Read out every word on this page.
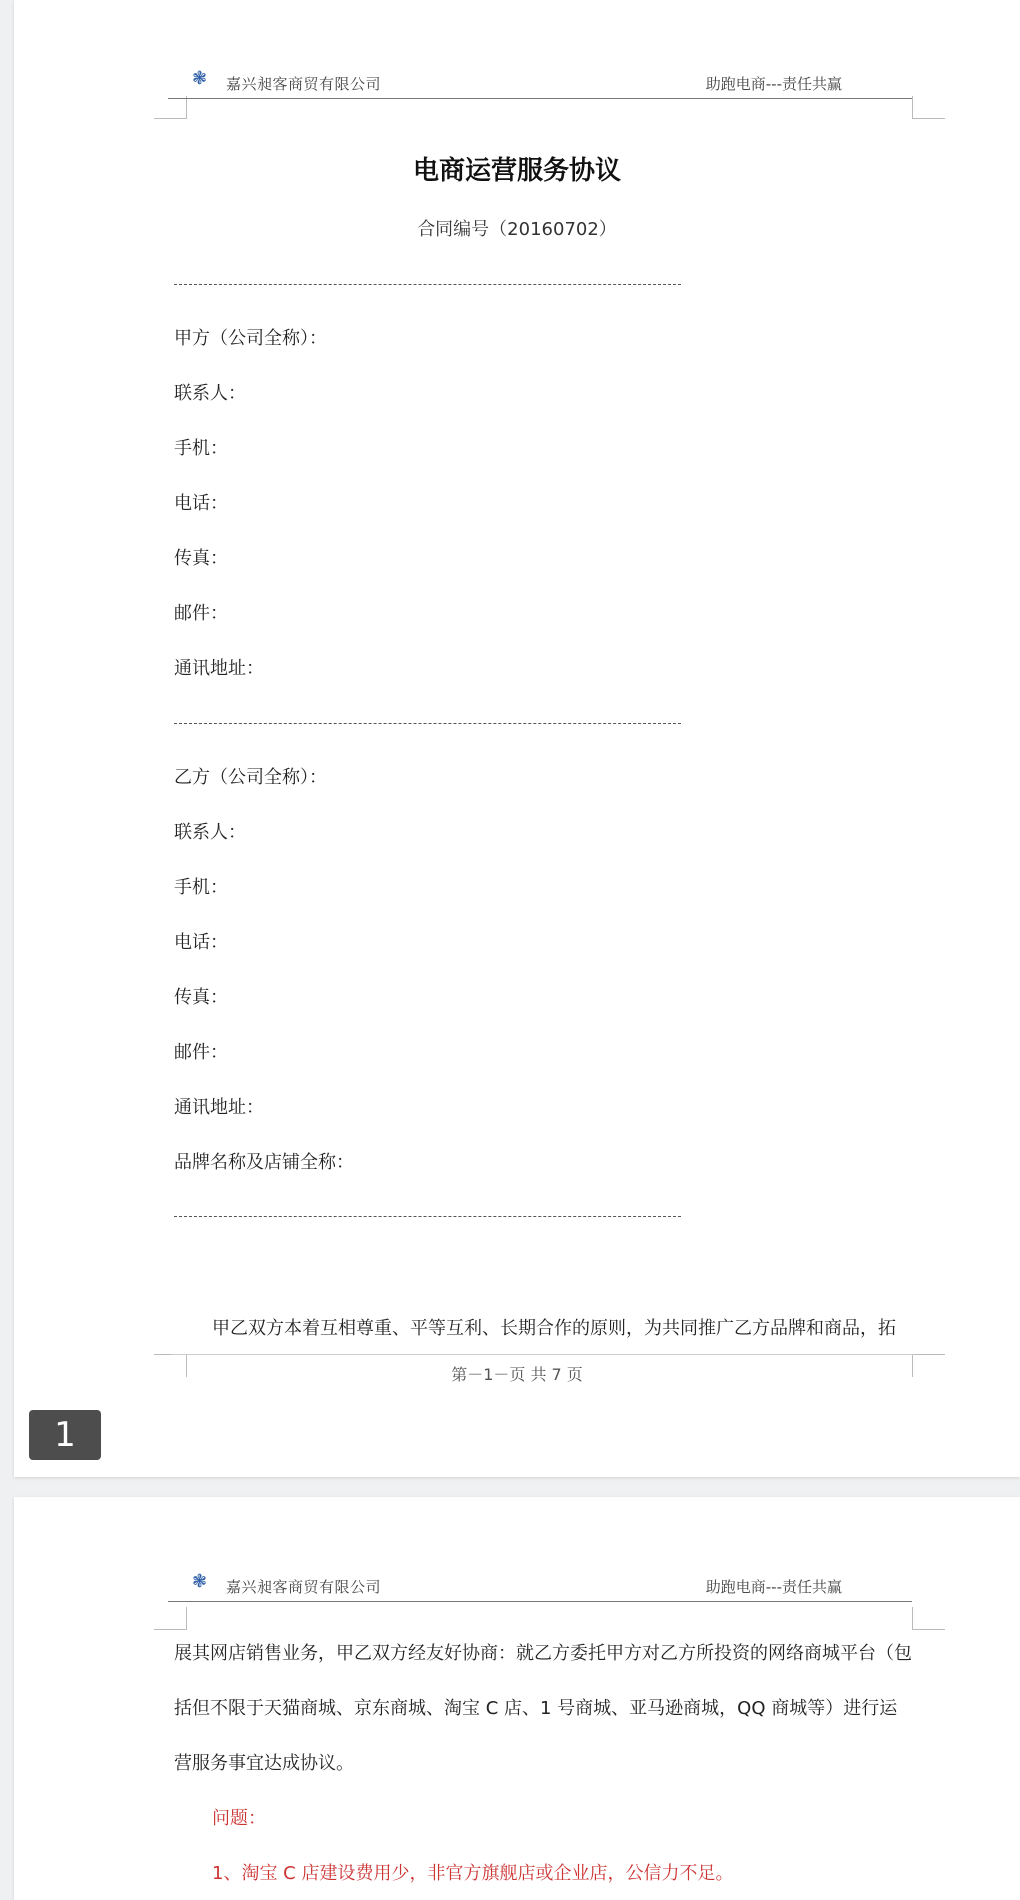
❃ 嘉兴昶客商贸有限公司	助跑电商---责任共赢
电商运营服务协议
合同编号（20160702）
甲方（公司全称）：
联系人：
手机：
电话：
传真：
邮件：
通讯地址：
乙方（公司全称）：
联系人：
手机：
电话：
传真：
邮件：
通讯地址：
品牌名称及店铺全称：
甲乙双方本着互相尊重、平等互利、长期合作的原则，为共同推广乙方品牌和商品，拓
第－1－页 共 7 页
1
❃ 嘉兴昶客商贸有限公司	助跑电商---责任共赢
展其网店销售业务，甲乙双方经友好协商：就乙方委托甲方对乙方所投资的网络商城平台（包
括但不限于天猫商城、京东商城、淘宝 C 店、1 号商城、亚马逊商城，QQ 商城等）进行运
营服务事宜达成协议。
问题：
1、淘宝 C 店建设费用少，非官方旗舰店或企业店，公信力不足。
